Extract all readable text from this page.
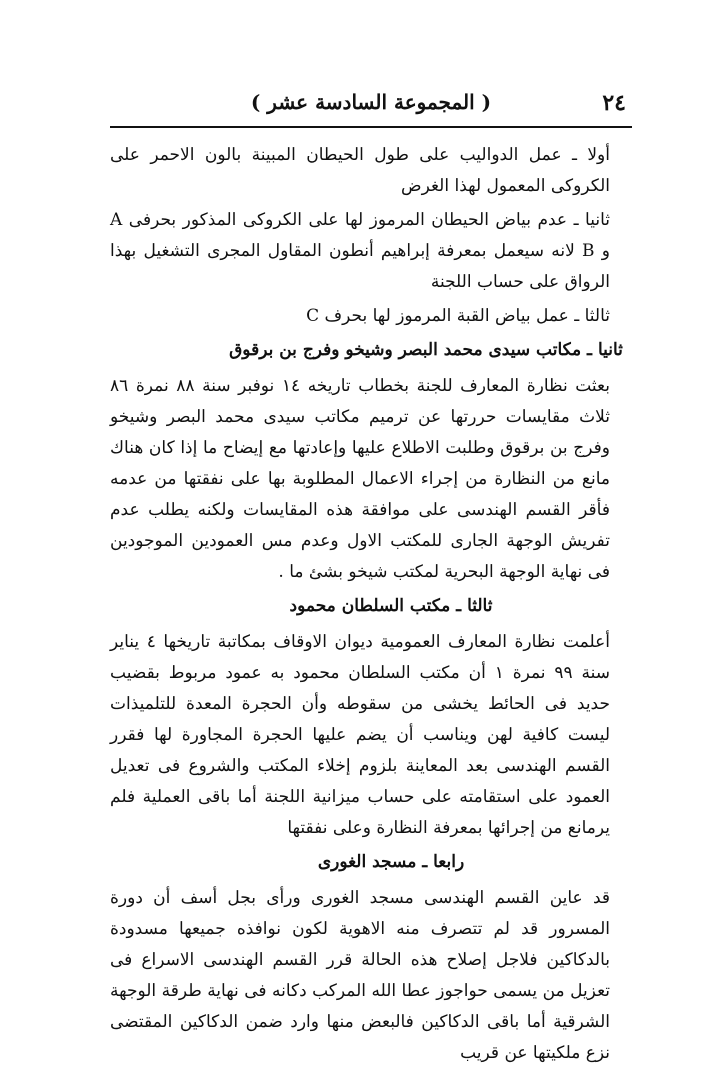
٢٤
( المجموعة السادسة عشر )

أولا ـ عمل الدواليب على طول الحيطان المبينة بالون الاحمر على الكروكى المعمول لهذا الغرض

ثانيا ـ عدم بياض الحيطان المرموز لها على الكروكى المذكور بحرفى A و B لانه سيعمل بمعرفة إبراهيم أنطون المقاول المجرى التشغيل بهذا الرواق على حساب اللجنة

ثالثا ـ عمل بياض القبة المرموز لها بحرف C

ثانيا ـ مكاتب سيدى محمد البصر وشيخو وفرج بن برقوق

بعثت نظارة المعارف للجنة بخطاب تاريخه ١٤ نوفبر سنة ٨٨ نمرة ٨٦ ثلاث مقايسات حررتها عن ترميم مكاتب سيدى محمد البصر وشيخو وفرج بن برقوق وطلبت الاطلاع عليها وإعادتها مع إيضاح ما إذا كان هناك مانع من النظارة من إجراء الاعمال المطلوبة بها على نفقتها من عدمه فأقر القسم الهندسى على موافقة هذه المقايسات ولكنه يطلب عدم تفريش الوجهة الجارى للمكتب الاول وعدم مس العمودين الموجودين فى نهاية الوجهة البحرية لمكتب شيخو بشئ ما .

ثالثا ـ مكتب السلطان محمود

أعلمت نظارة المعارف العمومية ديوان الاوقاف بمكاتبة تاريخها ٤ يناير سنة ٩٩ نمرة ١ أن مكتب السلطان محمود به عمود مربوط بقضيب حديد فى الحائط يخشى من سقوطه وأن الحجرة المعدة للتلميذات ليست كافية لهن ويناسب أن يضم عليها الحجرة المجاورة لها فقرر القسم الهندسى بعد المعاينة بلزوم إخلاء المكتب والشروع فى تعديل العمود على استقامته على حساب ميزانية اللجنة أما باقى العملية فلم يرمانع من إجرائها بمعرفة النظارة وعلى نفقتها

رابعا ـ مسجد الغورى

قد عاين القسم الهندسى مسجد الغورى ورأى بجل أسف أن دورة المسرور قد لم تتصرف منه الاهوية لكون نوافذه جميعها مسدودة بالدكاكين فلاجل إصلاح هذه الحالة قرر القسم الهندسى الاسراع فى تعزيل من يسمى حواجوز عطا الله المركب دكانه فى نهاية طرقة الوجهة الشرقية أما باقى الدكاكين فالبعض منها وارد ضمن الدكاكين المقتضى نزع ملكيتها عن قريب
